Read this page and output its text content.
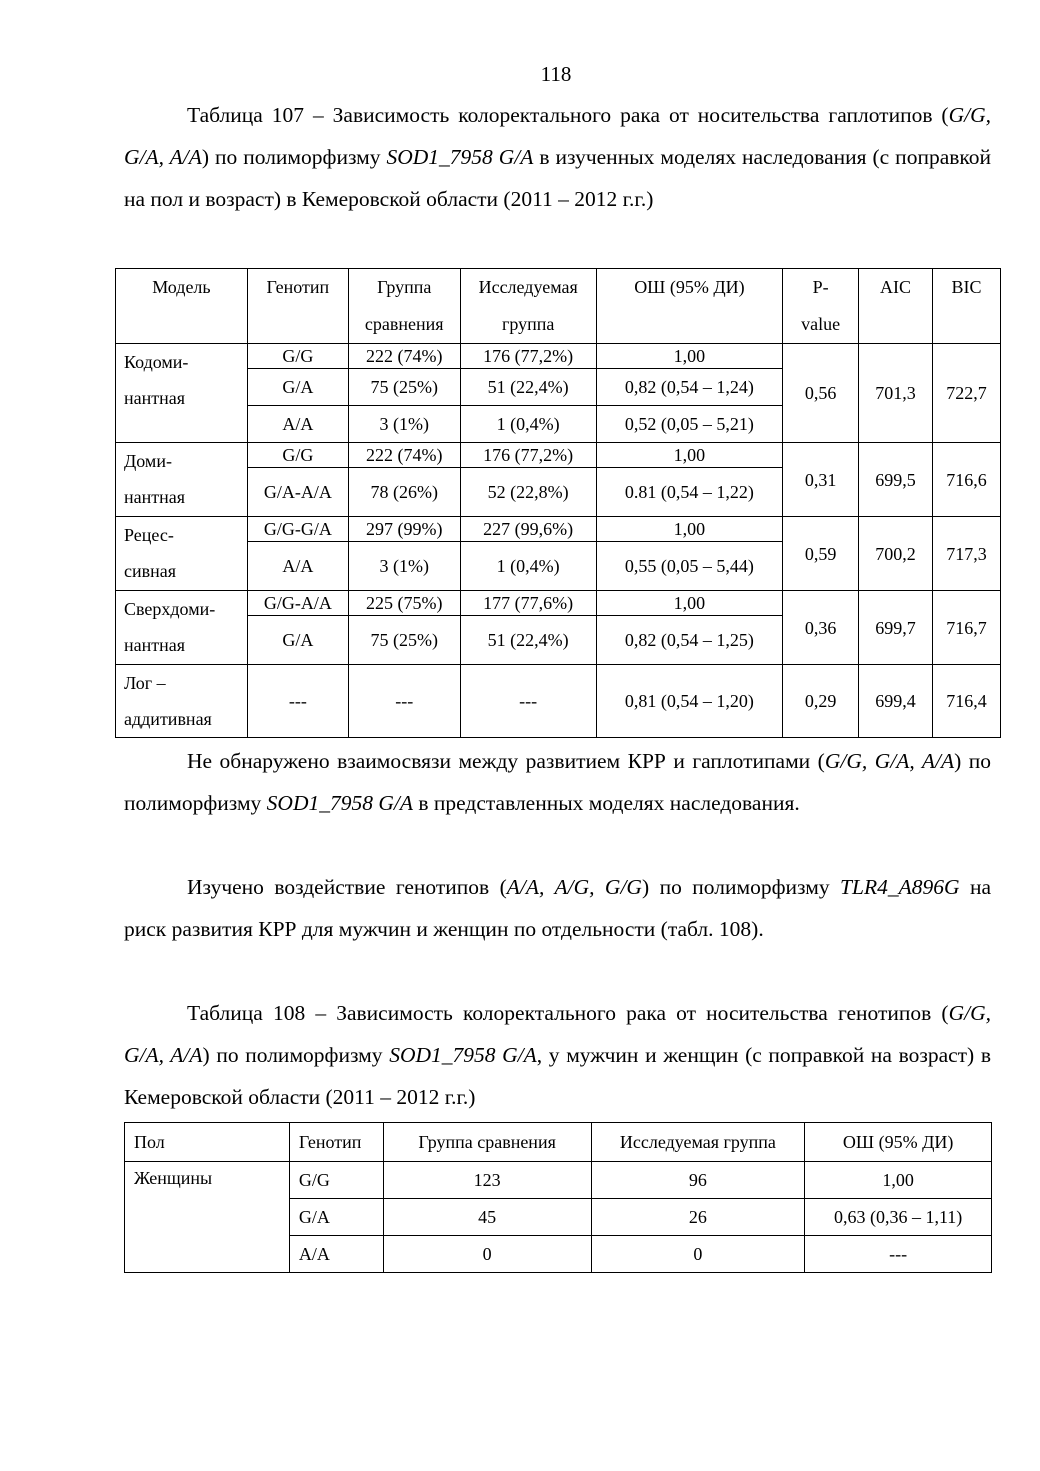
118
Таблица 107 – Зависимость колоректального рака от носительства гаплотипов (G/G, G/A, A/A) по полиморфизму SOD1_7958 G/A в изученных моделях наследования (с поправкой на пол и возраст) в Кемеровской области (2011 – 2012 г.г.)
Модель	Генотип	Группа сравнения	Исследуемая группа	ОШ (95% ДИ)	P-value	AIC	BIC
Кодоми-
нантная	G/G	222 (74%)	176 (77,2%)	1,00	0,56	701,3	722,7
	G/A	75 (25%)	51 (22,4%)	0,82 (0,54 – 1,24)			
	A/A	3 (1%)	1 (0,4%)	0,52 (0,05 – 5,21)			
Доми-
нантная	G/G	222 (74%)	176 (77,2%)	1,00	0,31	699,5	716,6
	G/A-A/A	78 (26%)	52 (22,8%)	0.81 (0,54 – 1,22)			
Рецес-
сивная	G/G-G/A	297 (99%)	227 (99,6%)	1,00	0,59	700,2	717,3
	A/A	3 (1%)	1 (0,4%)	0,55 (0,05 – 5,44)			
Сверхдоми-
нантная	G/G-A/A	225 (75%)	177 (77,6%)	1,00	0,36	699,7	716,7
	G/A	75 (25%)	51 (22,4%)	0,82 (0,54 – 1,25)			
Лог –
аддитивная	---	---	---	0,81 (0,54 – 1,20)	0,29	699,4	716,4
Не обнаружено взаимосвязи между развитием КРР и гаплотипами (G/G, G/A, A/A) по полиморфизму SOD1_7958 G/A в представленных моделях наследования.
Изучено воздействие генотипов (A/A, A/G, G/G) по полиморфизму TLR4_A896G на риск развития КРР для мужчин и женщин по отдельности (табл. 108).
Таблица 108 – Зависимость колоректального рака от носительства генотипов (G/G, G/A, A/A) по полиморфизму SOD1_7958 G/A, у мужчин и женщин (с поправкой на возраст) в Кемеровской области (2011 – 2012 г.г.)
Пол	Генотип	Группа сравнения	Исследуемая группа	ОШ (95% ДИ)
Женщины	G/G	123	96	1,00
	G/A	45	26	0,63 (0,36 – 1,11)
	A/A	0	0	---
